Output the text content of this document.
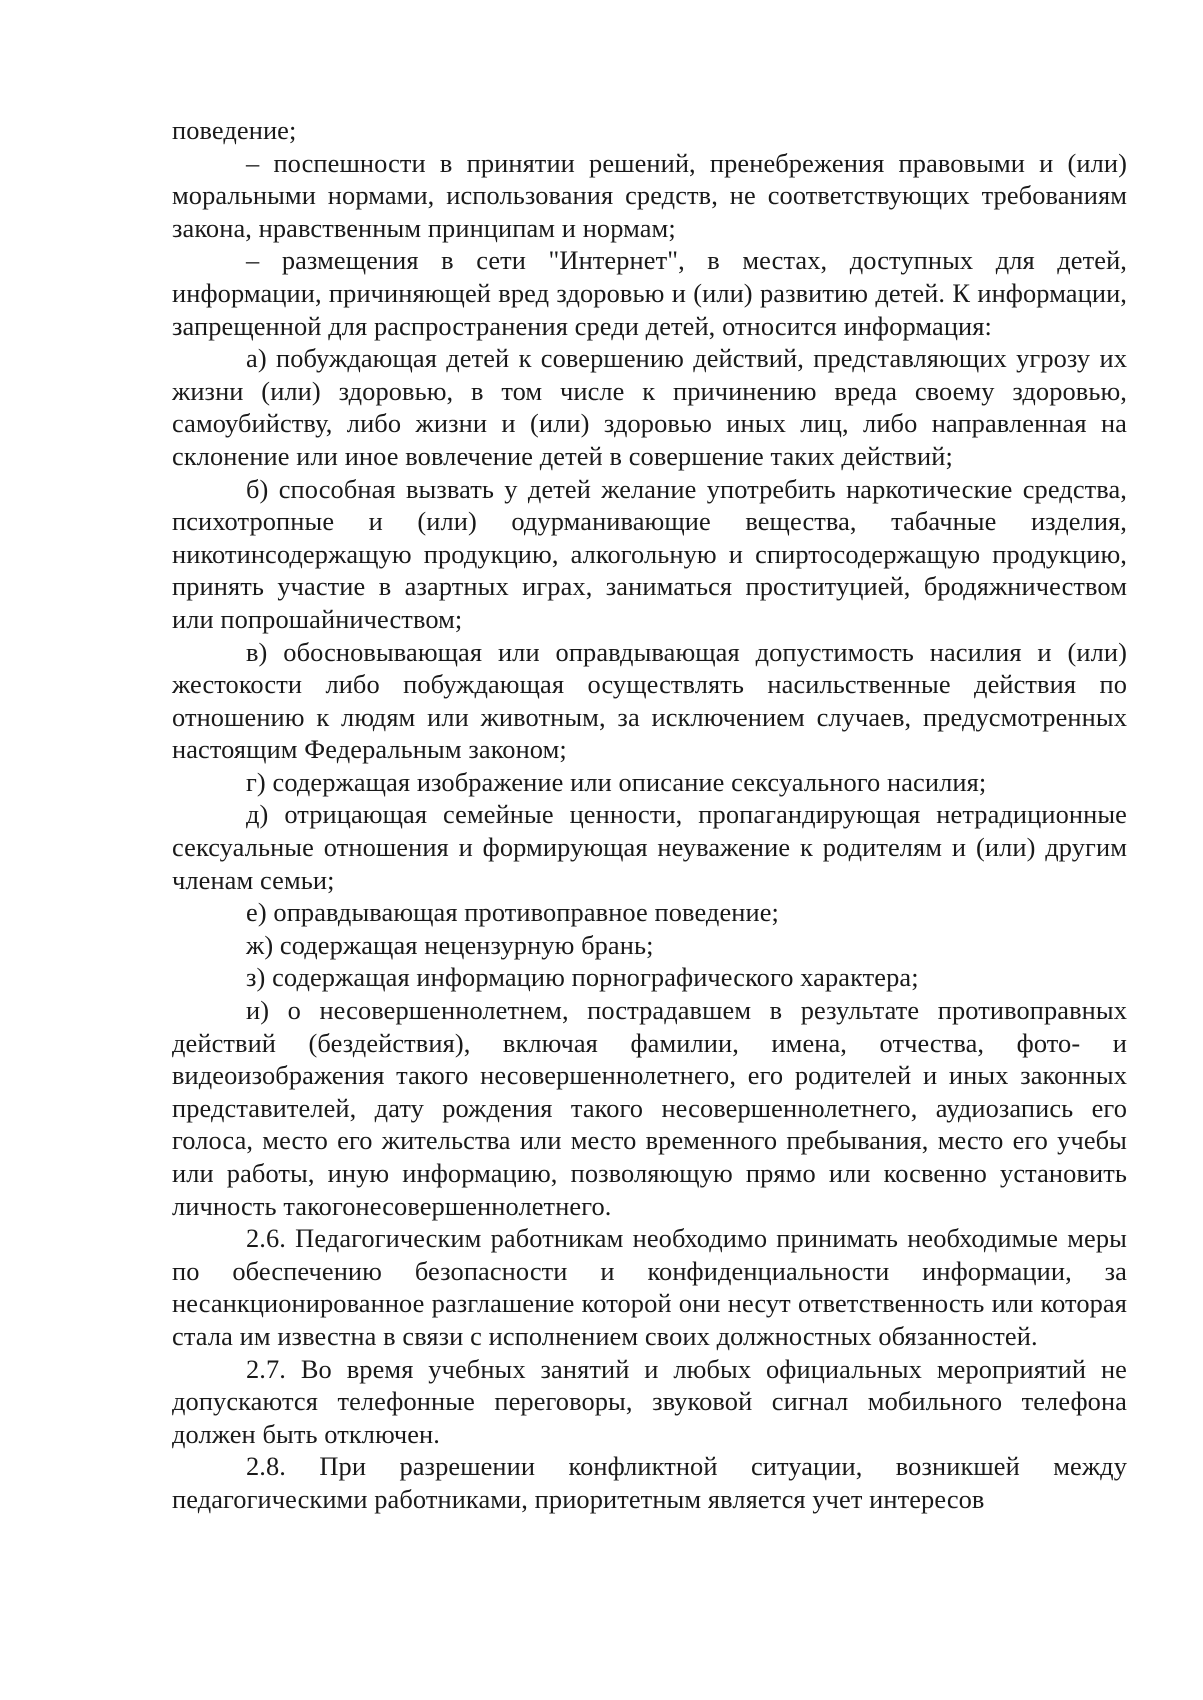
поведение;

– поспешности в принятии решений, пренебрежения правовыми и (или) моральными нормами, использования средств, не соответствующих требованиям закона, нравственным принципам и нормам;

– размещения в сети "Интернет", в местах, доступных для детей, информации, причиняющей вред здоровью и (или) развитию детей. К информации, запрещенной для распространения среди детей, относится информация:

а) побуждающая детей к совершению действий, представляющих угрозу их жизни (или) здоровью, в том числе к причинению вреда своему здоровью, самоубийству, либо жизни и (или) здоровью иных лиц, либо направленная на склонение или иное вовлечение детей в совершение таких действий;

б) способная вызвать у детей желание употребить наркотические средства, психотропные и (или) одурманивающие вещества, табачные изделия, никотинсодержащую продукцию, алкогольную и спиртосодержащую продукцию, принять участие в азартных играх, заниматься проституцией, бродяжничеством или попрошайничеством;

в) обосновывающая или оправдывающая допустимость насилия и (или) жестокости либо побуждающая осуществлять насильственные действия по отношению к людям или животным, за исключением случаев, предусмотренных настоящим Федеральным законом;

г) содержащая изображение или описание сексуального насилия;

д) отрицающая семейные ценности, пропагандирующая нетрадиционные сексуальные отношения и формирующая неуважение к родителям и (или) другим членам семьи;

е) оправдывающая противоправное поведение;

ж) содержащая нецензурную брань;

з) содержащая информацию порнографического характера;

и) о несовершеннолетнем, пострадавшем в результате противоправных действий (бездействия), включая фамилии, имена, отчества, фото- и видеоизображения такого несовершеннолетнего, его родителей и иных законных представителей, дату рождения такого несовершеннолетнего, аудиозапись его голоса, место его жительства или место временного пребывания, место его учебы или работы, иную информацию, позволяющую прямо или косвенно установить личность такогонесовершеннолетнего.

2.6. Педагогическим работникам необходимо принимать необходимые меры по обеспечению безопасности и конфиденциальности информации, за несанкционированное разглашение которой они несут ответственность или которая стала им известна в связи с исполнением своих должностных обязанностей.

2.7. Во время учебных занятий и любых официальных мероприятий не допускаются телефонные переговоры, звуковой сигнал мобильного телефона должен быть отключен.

2.8. При разрешении конфликтной ситуации, возникшей между педагогическими работниками, приоритетным является учет интересов
